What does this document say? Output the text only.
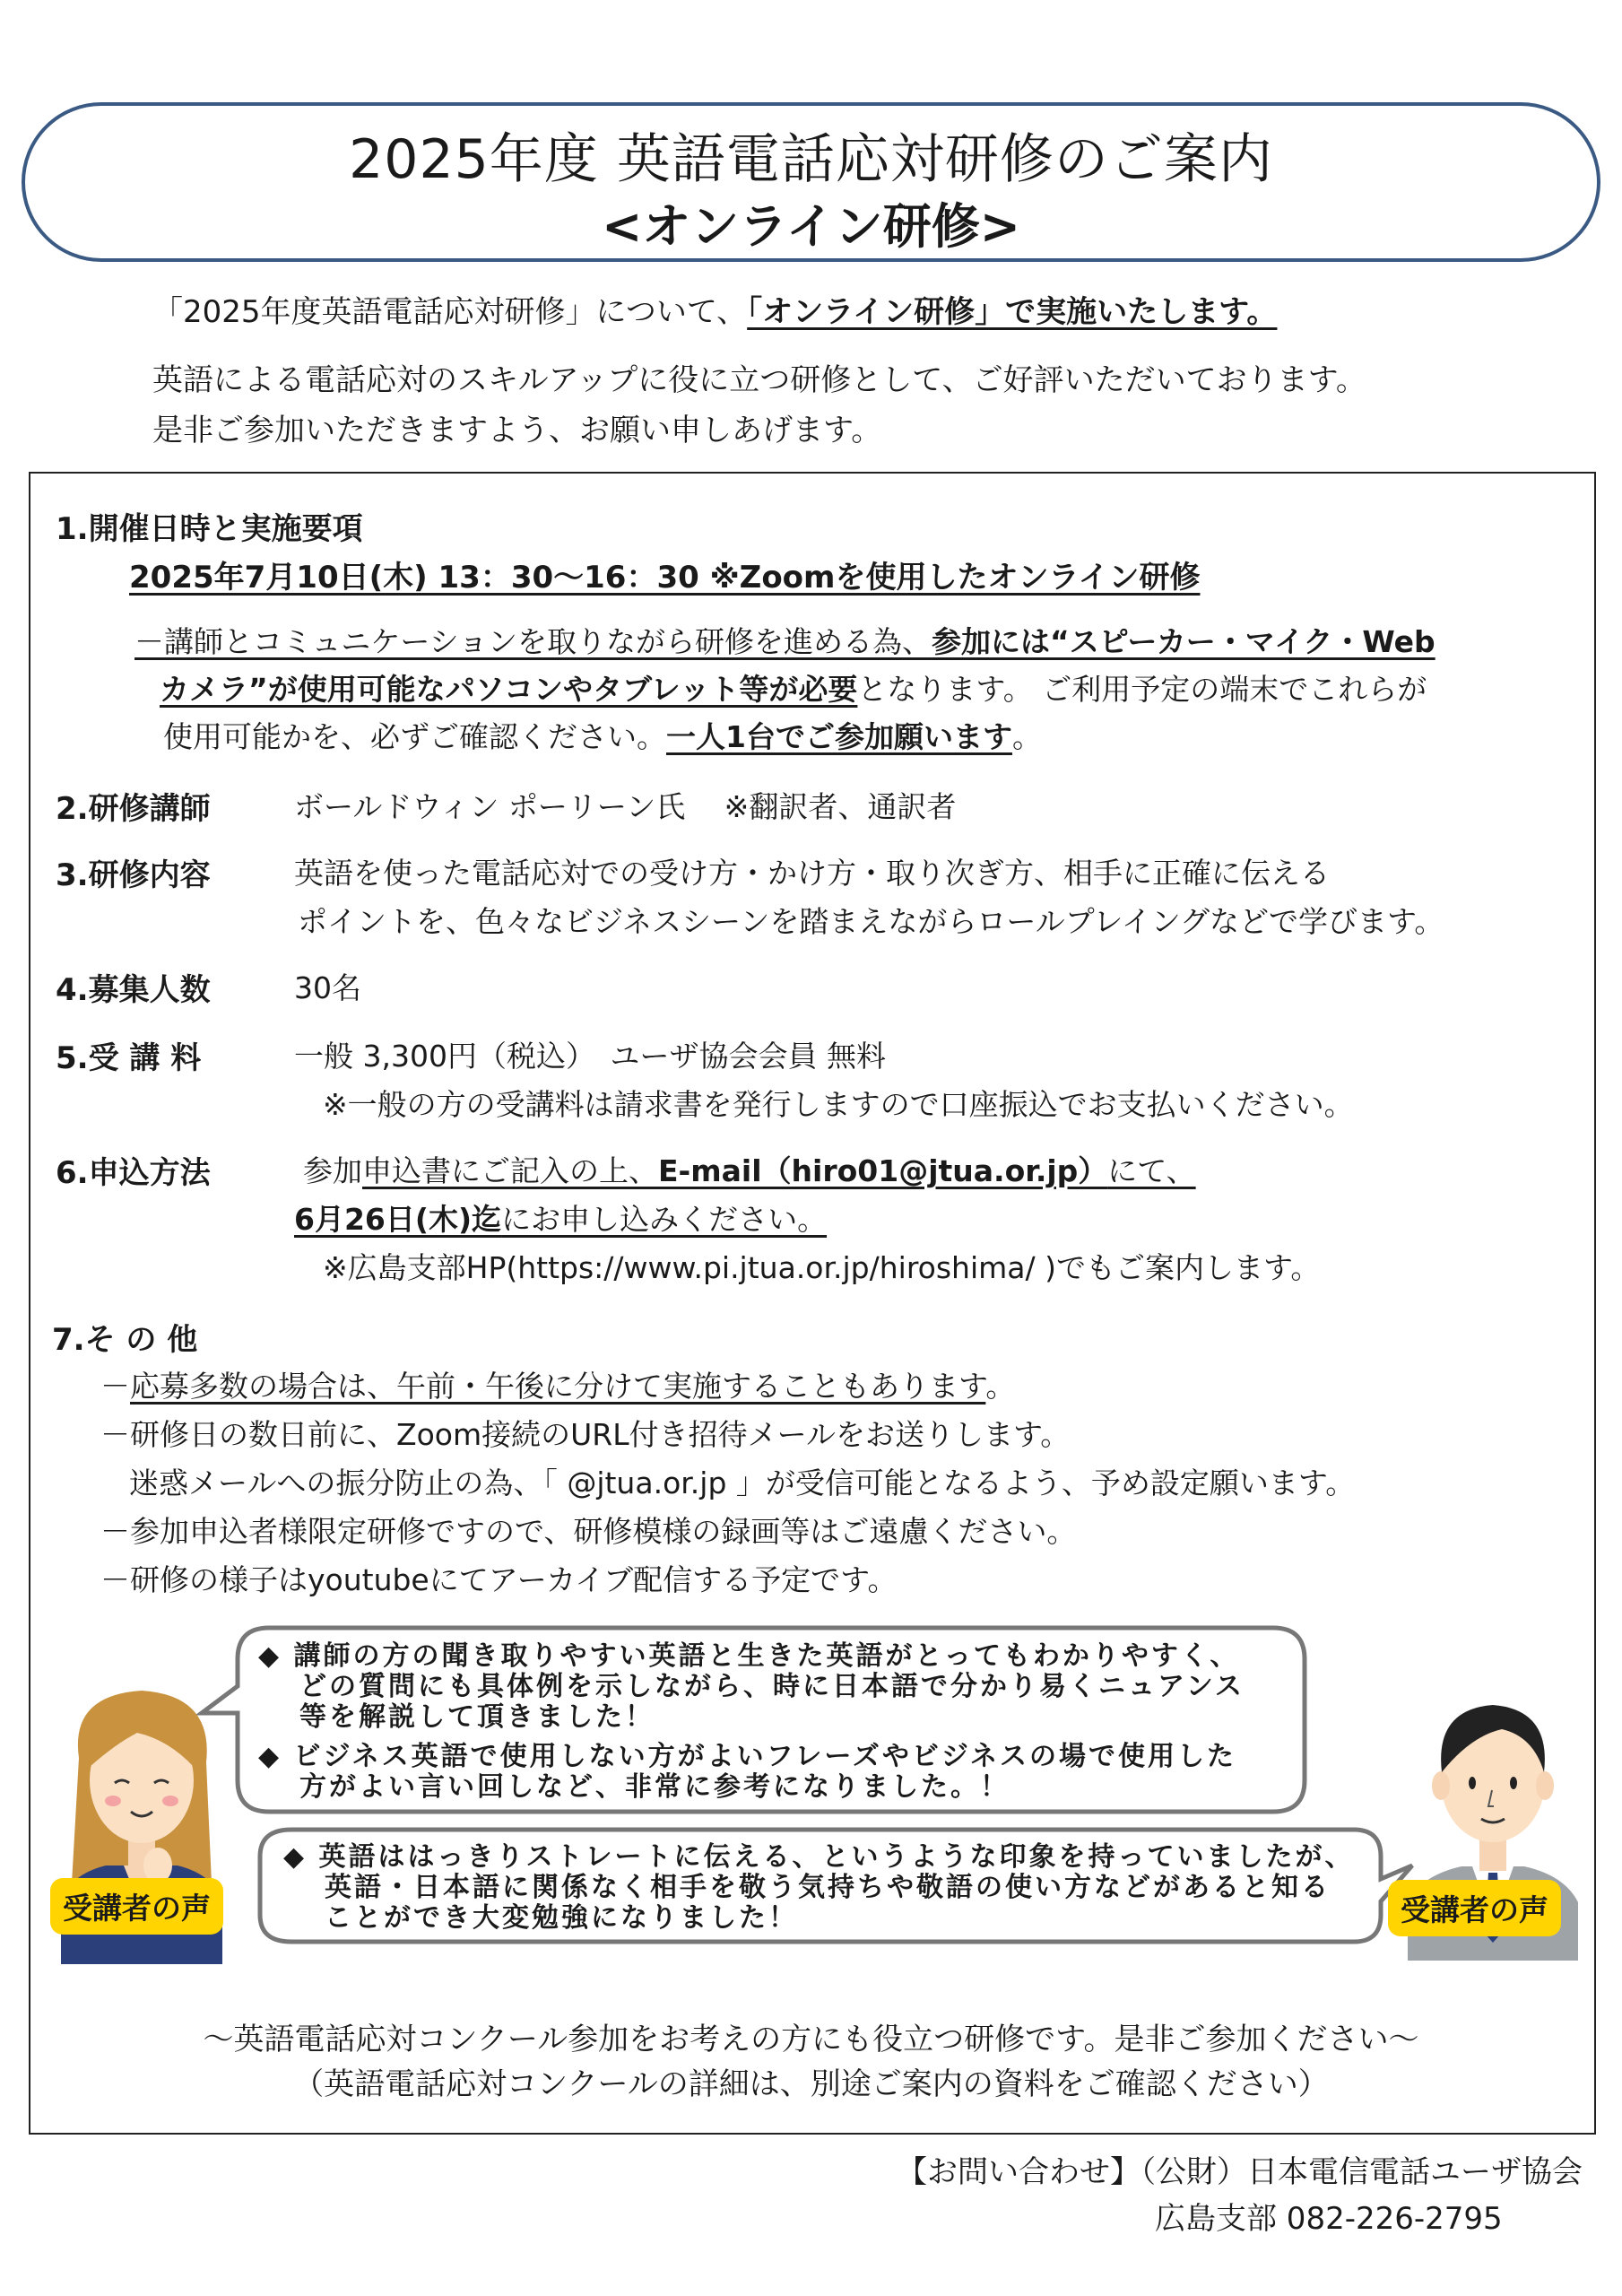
2025年度 英語電話応対研修のご案内
<オンライン研修>
「2025年度英語電話応対研修」について、「オンライン研修」で実施いたします。
英語による電話応対のスキルアップに役に立つ研修として、ご好評いただいております。
是非ご参加いただきますよう、お願い申しあげます。
1.開催日時と実施要項
2025年7月10日(木) 13：30～16：30 ※Zoomを使用したオンライン研修
－講師とコミュニケーションを取りながら研修を進める為、参加には“スピーカー・マイク・Web
カメラ”が使用可能なパソコンやタブレット等が必要となります。 ご利用予定の端末でこれらが
使用可能かを、必ずご確認ください。一人1台でご参加願います。
2.研修講師	ボールドウィン ポーリーン氏　 ※翻訳者、通訳者
3.研修内容	英語を使った電話応対での受け方・かけ方・取り次ぎ方、相手に正確に伝える
ポイントを、色々なビジネスシーンを踏まえながらロールプレイングなどで学びます。
4.募集人数	30名
5.受 講 料	一般 3,300円（税込）　ユーザ協会会員 無料
※一般の方の受講料は請求書を発行しますので口座振込でお支払いください。
6.申込方法	参加申込書にご記入の上、E-mail（hiro01@jtua.or.jp）にて、
6月26日(木)迄にお申し込みください。
※広島支部HP(https://www.pi.jtua.or.jp/hiroshima/ )でもご案内します。
7.そ の 他
－応募多数の場合は、午前・午後に分けて実施することもあります。
－研修日の数日前に、Zoom接続のURL付き招待メールをお送りします。
迷惑メールへの振分防止の為、「 @jtua.or.jp 」が受信可能となるよう、予め設定願います。
－参加申込者様限定研修ですので、研修模様の録画等はご遠慮ください。
－研修の様子はyoutubeにてアーカイブ配信する予定です。
◆ 講師の方の聞き取りやすい英語と生きた英語がとってもわかりやすく、
どの質問にも具体例を示しながら、時に日本語で分かり易くニュアンス
等を解説して頂きました！
◆ ビジネス英語で使用しない方がよいフレーズやビジネスの場で使用した
方がよい言い回しなど、非常に参考になりました。！
◆ 英語ははっきりストレートに伝える、というような印象を持っていましたが、
英語・日本語に関係なく相手を敬う気持ちや敬語の使い方などがあると知る
ことができ大変勉強になりました！
受講者の声	受講者の声
～英語電話応対コンクール参加をお考えの方にも役立つ研修です。是非ご参加ください～
（英語電話応対コンクールの詳細は、別途ご案内の資料をご確認ください）
【お問い合わせ】（公財）日本電信電話ユーザ協会
広島支部 082-226-2795
